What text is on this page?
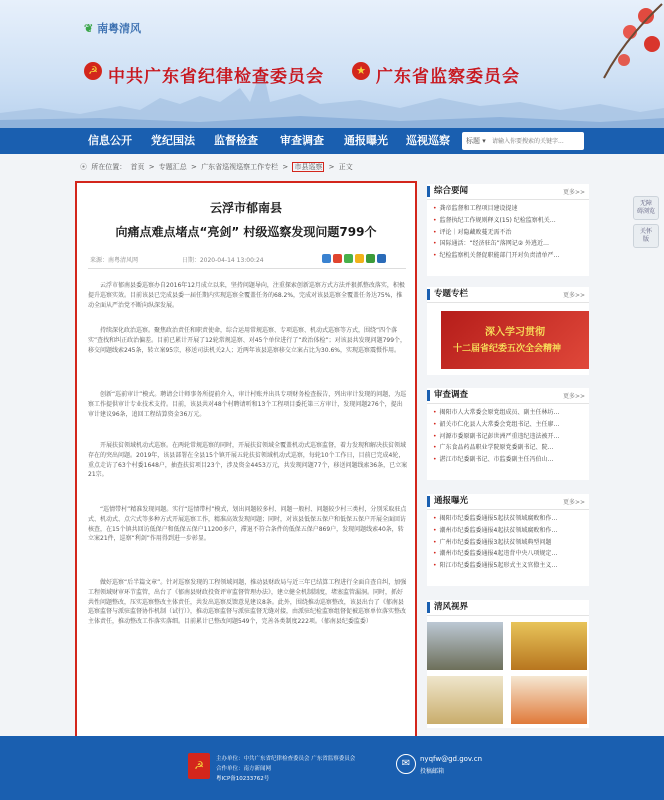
❦ 南粤清风
☭ 中共广东省纪律检查委员会	★ 广东省监察委员会
信息公开 党纪国法 监督检查 审查调查 通报曝光 巡视巡察 标题 ▾
请输入你要搜索的关键字...
⦿ 所在位置： 首页 > 专题汇总 > 广东省巡视巡察工作专栏 > 市县巡察 > 正文
云浮市郁南县
向痛点难点堵点“亮剑” 村级巡察发现问题799个
来源：南粤清风网	日期：2020-04-14 13:00:24

云浮市郁南县委巡察办自2016年12月成立以来，坚持问题导向，注重探索创新巡察方式方法并狠抓整改落实，积极提升巡察实效。目前该县已完成县委一届任期内实现巡察全覆盖任务的68.2%，完成对该县巡察全覆盖任务达75%，推动全面从严治党不断向纵深发展。

持续深化政治巡察。聚焦政治责任和职责使命，综合运用常规巡察、专项巡察、机动式巡察等方式，围绕“四个落实”查找和纠正政治偏差。目前已累计开展了12轮常规巡察、对45个单位进行了“政治体检”；对该县共发现问题799个，移交问题线索245条，转立案95宗，移送司法机关2人；近两年该县巡察移交立案占比为30.6%，实现巡察震慑作用。

创新“巡前审计”模式。聘请会计师事务所提前介入，审计村账并出具专项财务检查报告，列出审计发现的问题，为巡察工作提供审计专业技术支持。目前，该县共对48个村聘请听和13个工程项目委托第三方审计，发现问题276个，提出审计建议96条，追回工程结算资金36万元。

开展扶贫领域机动式巡察。在两轮常规巡察的同时，开展扶贫领域全覆盖机动式巡察监督，着力发现和解决扶贫领域存在的突出问题。2019年，该县部署在全县15个镇开展五轮扶贫领域机动式巡察，每轮10个工作日，目前已完成4轮，重点走访了63个村委1648户，抽查扶贫项目23个，涉及资金4453万元，共发现问题77个，移送问题线索36条，已立案21宗。

“巡情带村”精准发现问题。实行“巡情带村”模式，划出问题较多村、问题一般村、问题较少村三类村，分别采取驻点式、机动式、点穴式等多种方式开展巡察工作，精准高效发现问题；同时，对该县低保五保户和低保五保户开展全面回访核查，在15个镇共回访低保户和低保五保户11200多户，滞退不符合条件的低保五保户869户，发现问题线索40条，转立案21件，巡察“利剑”作用得到进一步彰显。

做好巡察“后半篇文章”。针对巡察发现的工程领域问题，推动县财政局与近三年已结算工程进行全面自查自纠，加强工程领域财审环节监管，出台了《郁南县财政投资评审监督管理办法》，建立健全机制制度，堵塞监管漏洞。同时，抓好共性问题整改，压实巡察整改主体责任，共发出巡察反馈意见建议8条。此外，围绕推动巡察整改，该县出台了《郁南县巡察监督与派驻监督协作机制（试行）》，推动巡察监督与派驻监督无缝对接，由派驻纪检监察组督促被巡察单位落实整改主体责任，推动整改工作落实落细。目前累计已整改问题549个，完善各类制度222项。（郁南县纪委监委）

综合要闻	更多>>
• 龚帝监督和工程项目建设提速
• 监督执纪工作规则释义(15) 纪检监察机关…
• 评论｜对隐藏败蔓无需不治
• 国际通活：“经济驻缶”落网记② 外逃近…
• 纪检监察机关督促职能部门开对负责清单严…
专题专栏	更多>>
深入学习贯彻
十二届省纪委五次全会精神
审查调查	更多>>
• 揭阳市人大常委会原党组成员、副主任林坊…
• 韶关市仁化县人大常委会党组书记、主任廖…
• 河源市委原副书记彭世洲严重违纪违法被开…
• 广东食品药品职业学院原党委副书记、院…
• 湛江市纪委副书记、市监委副主任冯伯山…
通报曝光	更多>>
• 揭阳市纪委监委通报5起扶贫领域腐败和作…
• 潮州市纪委监委通报4起扶贫领域腐败和作…
• 广州市纪委监委通报3起扶贫领域典型问题
• 潮州市纪委监委通报4起违背中央八项规定…
• 阳江市纪委监委通报5起形式主义官僚主义…
清风视界
无障
碍浏览
关怀
版
☭	主办单位：中共广东省纪律检查委员会 广东省监察委员会
合作单位：南方新闻网
粤ICP备10233762号
✉	nyqfw@gd.gov.cn
投稿邮箱
